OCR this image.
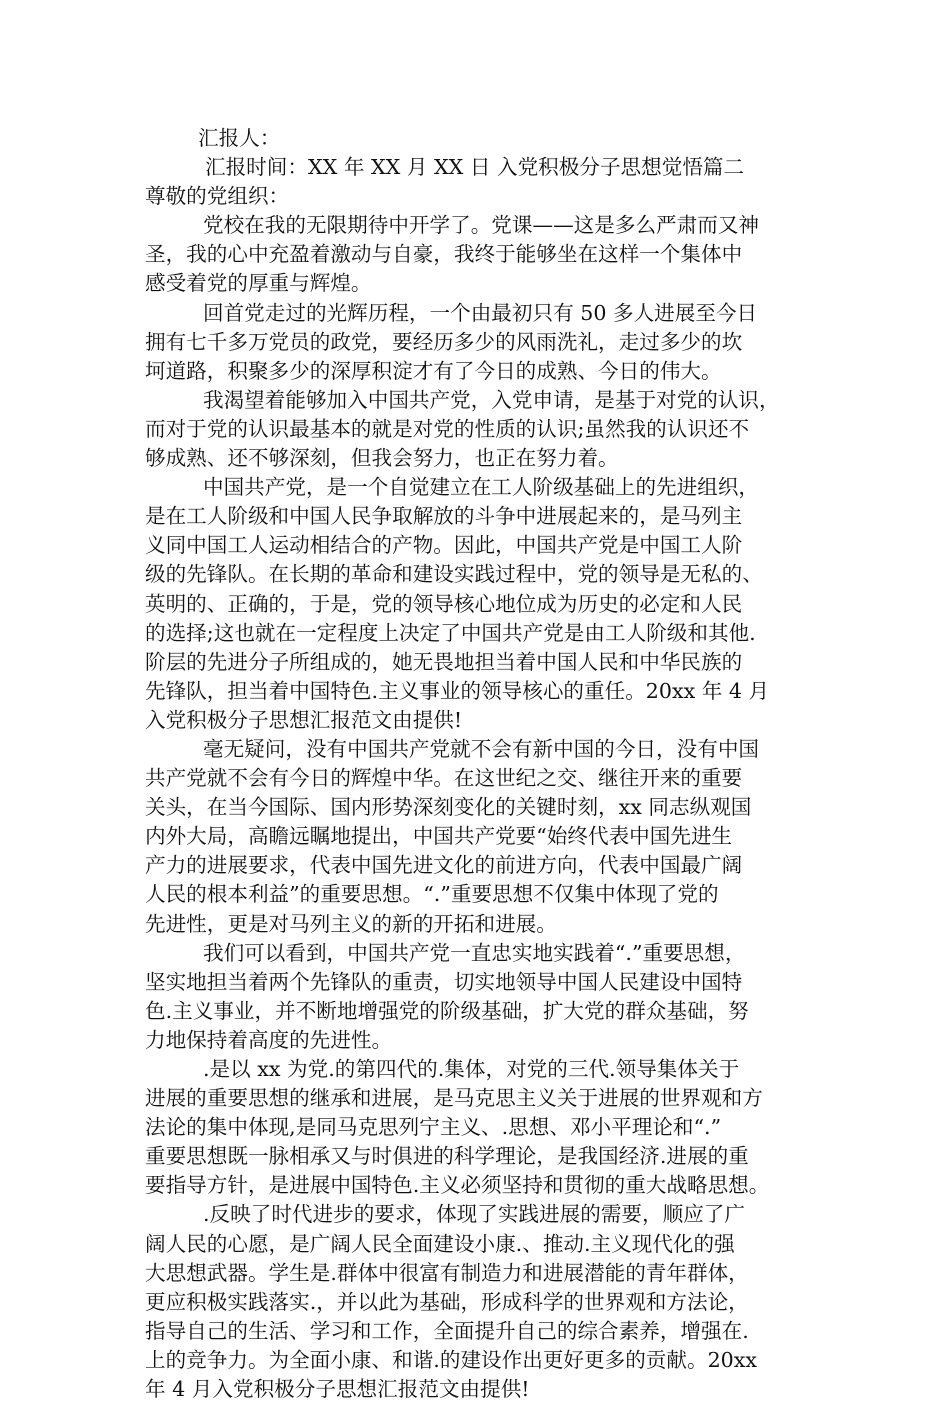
汇报人：
汇报时间：XX 年 XX 月 XX 日 入党积极分子思想觉悟篇二
尊敬的党组织：
党校在我的无限期待中开学了。党课——这是多么严肃而又神
圣，我的心中充盈着激动与自豪，我终于能够坐在这样一个集体中
感受着党的厚重与辉煌。
回首党走过的光辉历程，一个由最初只有 50 多人进展至今日
拥有七千多万党员的政党，要经历多少的风雨洗礼，走过多少的坎
坷道路，积聚多少的深厚积淀才有了今日的成熟、今日的伟大。
我渴望着能够加入中国共产党，入党申请，是基于对党的认识，
而对于党的认识最基本的就是对党的性质的认识;虽然我的认识还不
够成熟、还不够深刻，但我会努力，也正在努力着。
中国共产党，是一个自觉建立在工人阶级基础上的先进组织，
是在工人阶级和中国人民争取解放的斗争中进展起来的，是马列主
义同中国工人运动相结合的产物。因此，中国共产党是中国工人阶
级的先锋队。在长期的革命和建设实践过程中，党的领导是无私的、
英明的、正确的，于是，党的领导核心地位成为历史的必定和人民
的选择;这也就在一定程度上决定了中国共产党是由工人阶级和其他.
阶层的先进分子所组成的，她无畏地担当着中国人民和中华民族的
先锋队，担当着中国特色.主义事业的领导核心的重任。20xx 年 4 月
入党积极分子思想汇报范文由提供!
毫无疑问，没有中国共产党就不会有新中国的今日，没有中国
共产党就不会有今日的辉煌中华。在这世纪之交、继往开来的重要
关头，在当今国际、国内形势深刻变化的关键时刻，xx 同志纵观国
内外大局，高瞻远瞩地提出，中国共产党要“始终代表中国先进生
产力的进展要求，代表中国先进文化的前进方向，代表中国最广阔
人民的根本利益”的重要思想。“.”重要思想不仅集中体现了党的
先进性，更是对马列主义的新的开拓和进展。
我们可以看到，中国共产党一直忠实地实践着“.”重要思想，
坚实地担当着两个先锋队的重责，切实地领导中国人民建设中国特
色.主义事业，并不断地增强党的阶级基础，扩大党的群众基础，努
力地保持着高度的先进性。
.是以 xx 为党.的第四代的.集体，对党的三代.领导集体关于
进展的重要思想的继承和进展，是马克思主义关于进展的世界观和方
法论的集中体现,是同马克思列宁主义、.思想、邓小平理论和“.”
重要思想既一脉相承又与时俱进的科学理论，是我国经济.进展的重
要指导方针，是进展中国特色.主义必须坚持和贯彻的重大战略思想。
.反映了时代进步的要求，体现了实践进展的需要，顺应了广
阔人民的心愿，是广阔人民全面建设小康.、推动.主义现代化的强
大思想武器。学生是.群体中很富有制造力和进展潜能的青年群体，
更应积极实践落实.，并以此为基础，形成科学的世界观和方法论，
指导自己的生活、学习和工作，全面提升自己的综合素养，增强在.
上的竞争力。为全面小康、和谐.的建设作出更好更多的贡献。20xx
年 4 月入党积极分子思想汇报范文由提供!
